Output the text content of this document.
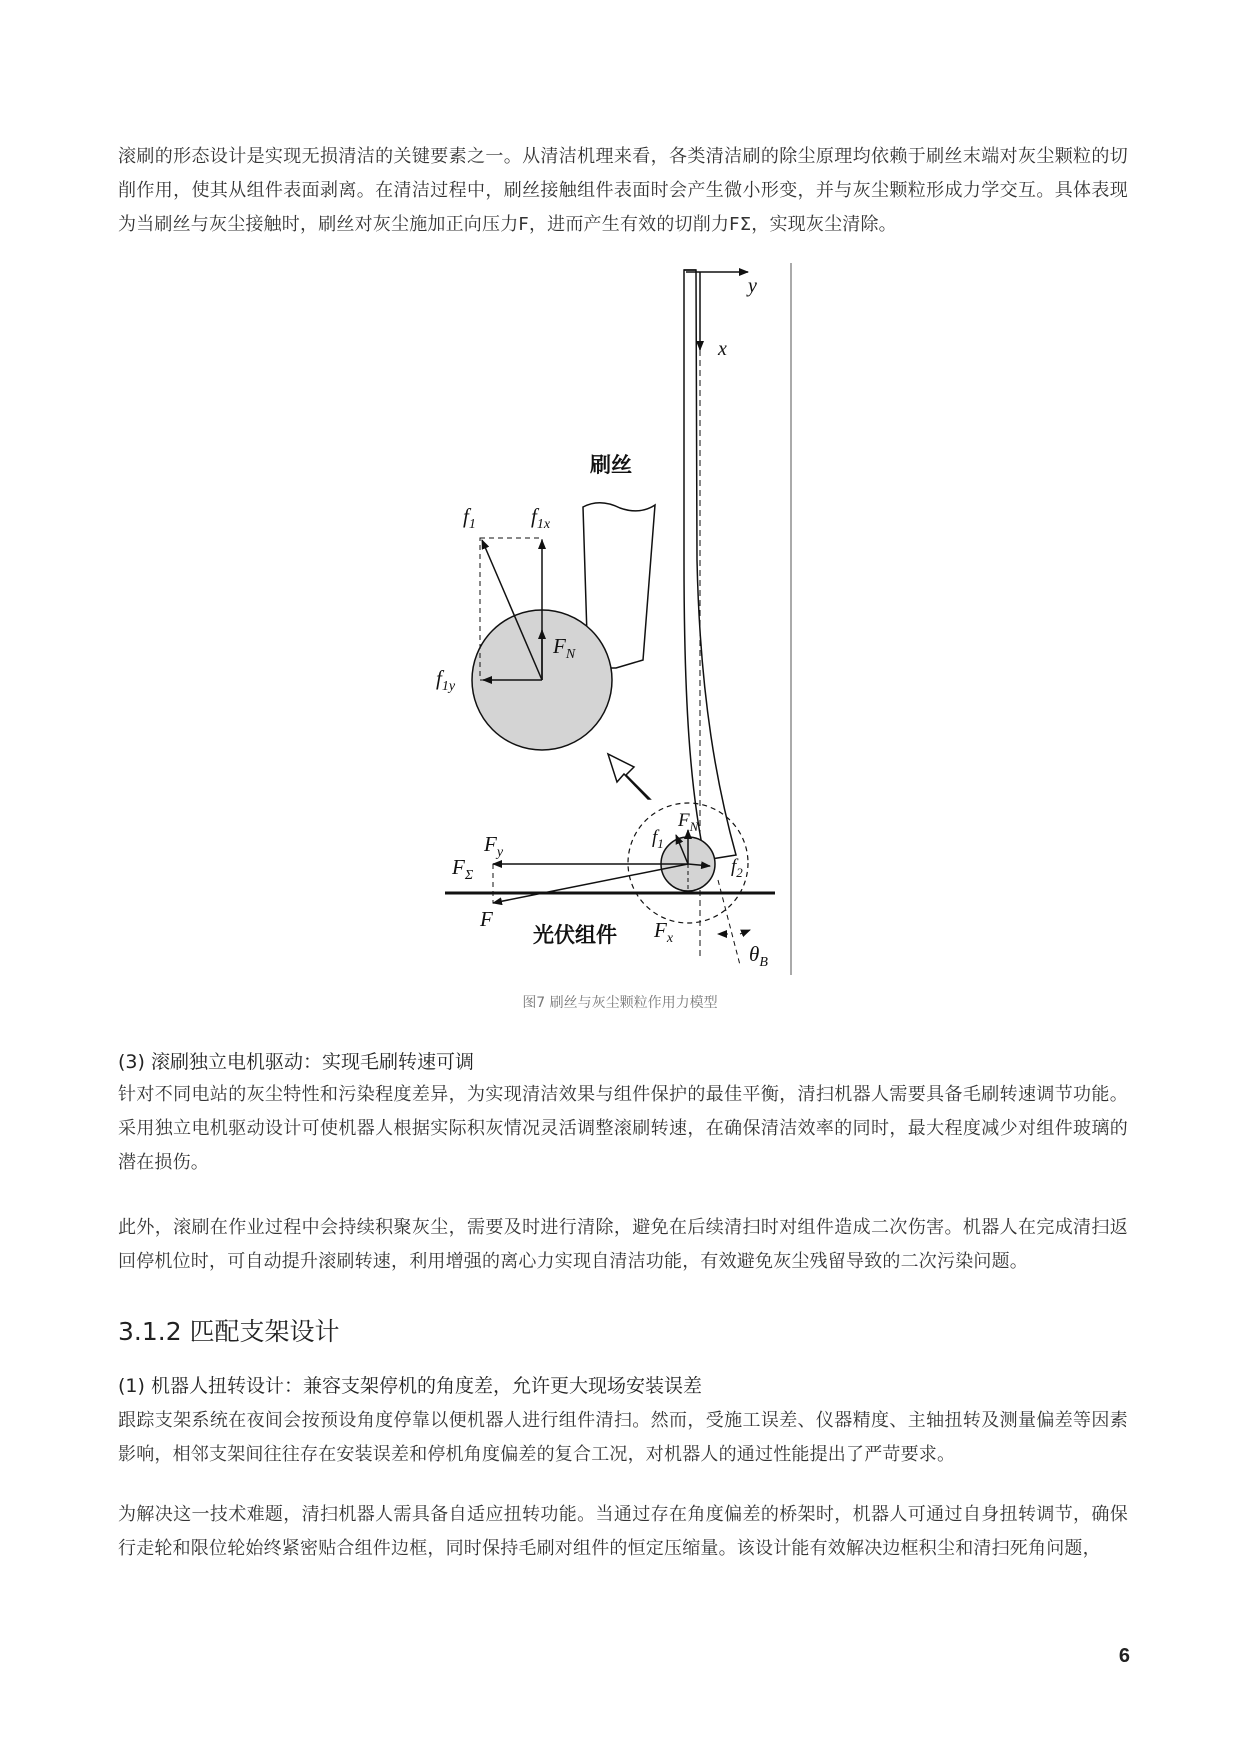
滚刷的形态设计是实现无损清洁的关键要素之一。从清洁机理来看，各类清洁刷的除尘原理均依赖于刷丝末端对灰尘颗粒的切削作用，使其从组件表面剥离。在清洁过程中，刷丝接触组件表面时会产生微小形变，并与灰尘颗粒形成力学交互。具体表现为当刷丝与灰尘接触时，刷丝对灰尘施加正向压力F，进而产生有效的切削力FΣ，实现灰尘清除。

y
x
刷丝
$f_1$	$f_{1x}$
$f_{1y}$
$F_N$
$F_y$
$F_\Sigma$
F	$F_x$
$f_1$
$F_N$
$f_2$
$\theta_B$
光伏组件
图7 刷丝与灰尘颗粒作用力模型
(3) 滚刷独立电机驱动：实现毛刷转速可调

针对不同电站的灰尘特性和污染程度差异，为实现清洁效果与组件保护的最佳平衡，清扫机器人需要具备毛刷转速调节功能。采用独立电机驱动设计可使机器人根据实际积灰情况灵活调整滚刷转速，在确保清洁效率的同时，最大程度减少对组件玻璃的潜在损伤。

此外，滚刷在作业过程中会持续积聚灰尘，需要及时进行清除，避免在后续清扫时对组件造成二次伤害。机器人在完成清扫返回停机位时，可自动提升滚刷转速，利用增强的离心力实现自清洁功能，有效避免灰尘残留导致的二次污染问题。

3.1.2 匹配支架设计
(1) 机器人扭转设计：兼容支架停机的角度差，允许更大现场安装误差

跟踪支架系统在夜间会按预设角度停靠以便机器人进行组件清扫。然而，受施工误差、仪器精度、主轴扭转及测量偏差等因素影响，相邻支架间往往存在安装误差和停机角度偏差的复合工况，对机器人的通过性能提出了严苛要求。

为解决这一技术难题，清扫机器人需具备自适应扭转功能。当通过存在角度偏差的桥架时，机器人可通过自身扭转调节，确保行走轮和限位轮始终紧密贴合组件边框，同时保持毛刷对组件的恒定压缩量。该设计能有效解决边框积尘和清扫死角问题，

6
